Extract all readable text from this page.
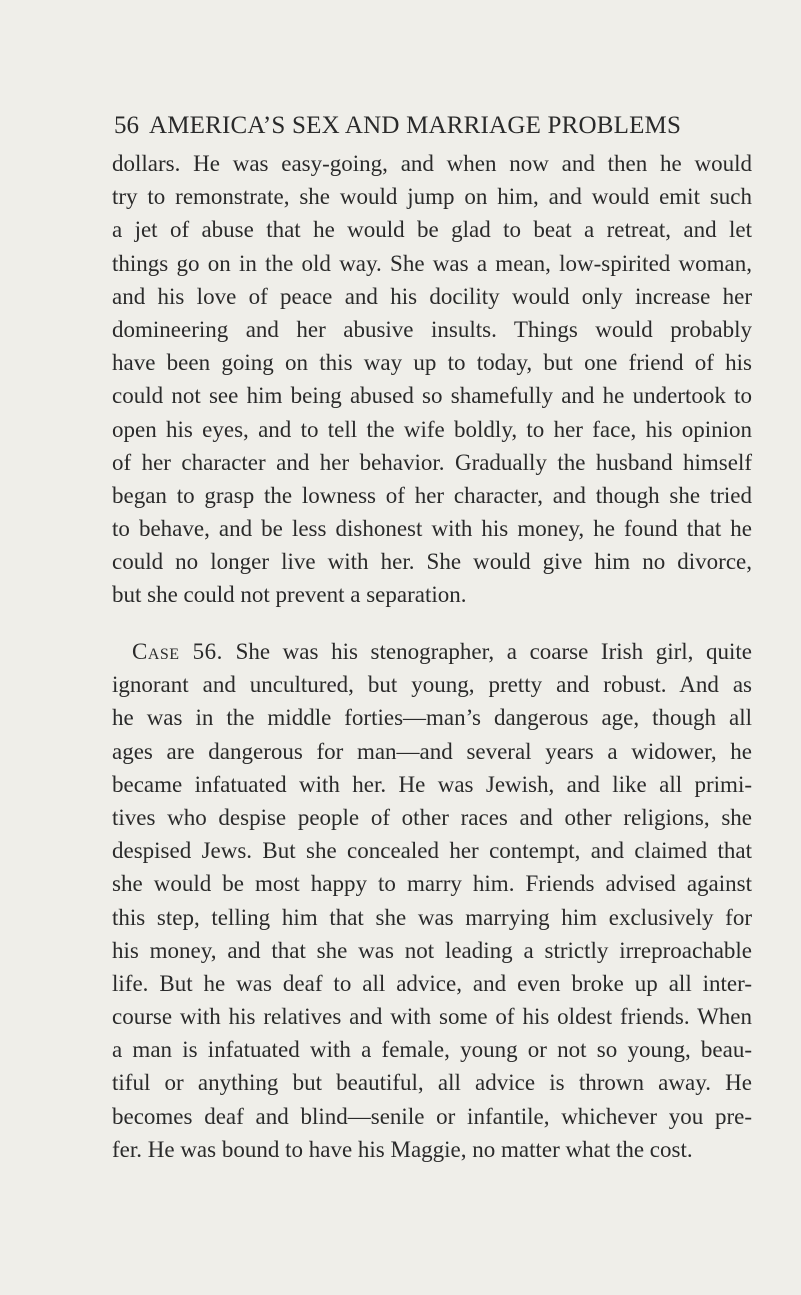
56 AMERICA’S SEX AND MARRIAGE PROBLEMS
dollars. He was easy-going, and when now and then he would
try to remonstrate, she would jump on him, and would emit such
a jet of abuse that he would be glad to beat a retreat, and let
things go on in the old way. She was a mean, low-spirited woman,
and his love of peace and his docility would only increase her
domineering and her abusive insults. Things would probably
have been going on this way up to today, but one friend of his
could not see him being abused so shamefully and he undertook to
open his eyes, and to tell the wife boldly, to her face, his opinion
of her character and her behavior. Gradually the husband himself
began to grasp the lowness of her character, and though she tried
to behave, and be less dishonest with his money, he found that he
could no longer live with her. She would give him no divorce,
but she could not prevent a separation.
Case 56. She was his stenographer, a coarse Irish girl, quite
ignorant and uncultured, but young, pretty and robust. And as
he was in the middle forties—man’s dangerous age, though all
ages are dangerous for man—and several years a widower, he
became infatuated with her. He was Jewish, and like all primi-
tives who despise people of other races and other religions, she
despised Jews. But she concealed her contempt, and claimed that
she would be most happy to marry him. Friends advised against
this step, telling him that she was marrying him exclusively for
his money, and that she was not leading a strictly irreproachable
life. But he was deaf to all advice, and even broke up all inter-
course with his relatives and with some of his oldest friends. When
a man is infatuated with a female, young or not so young, beau-
tiful or anything but beautiful, all advice is thrown away. He
becomes deaf and blind—senile or infantile, whichever you pre-
fer. He was bound to have his Maggie, no matter what the cost.
